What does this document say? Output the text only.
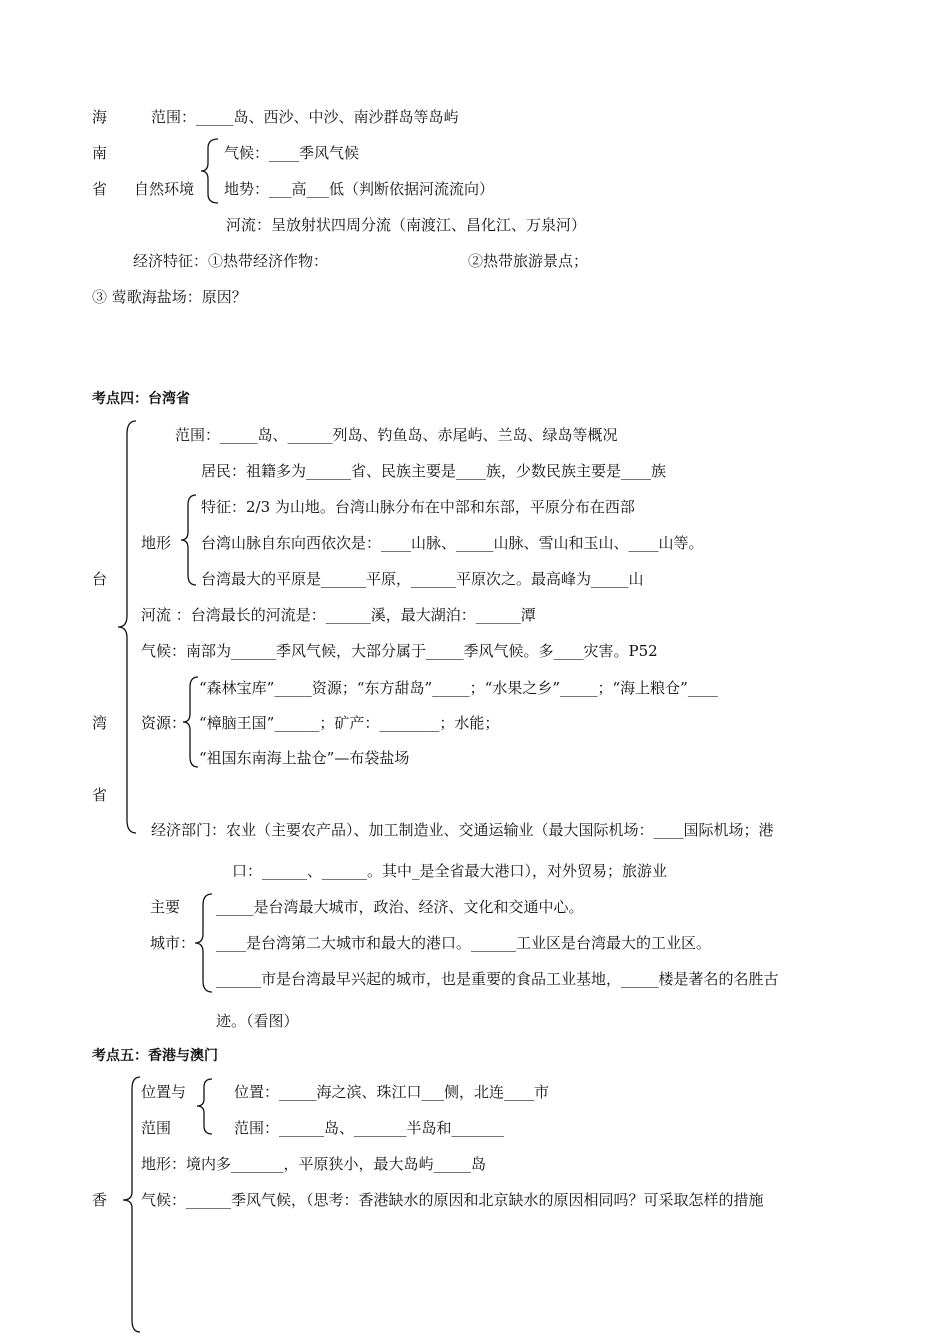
海
南
省
范围：_____岛、西沙、中沙、南沙群岛等岛屿
自然环境
气候：____季风气候
地势：___高___低（判断依据河流流向）
河流：呈放射状四周分流（南渡江、昌化江、万泉河）
经济特征：①热带经济作物：	②热带旅游景点；
③ 莺歌海盐场：原因？
考点四：台湾省
台
湾
省
范围：_____岛、______列岛、钓鱼岛、赤尾屿、兰岛、绿岛等概况
居民：祖籍多为______省、民族主要是____族，少数民族主要是____族
地形
特征：2/3 为山地。台湾山脉分布在中部和东部，平原分布在西部
台湾山脉自东向西依次是：____山脉、_____山脉、雪山和玉山、____山等。
台湾最大的平原是______平原，______平原次之。最高峰为_____山
河流 ：台湾最长的河流是：______溪，最大湖泊：______潭
气候：南部为______季风气候，大部分属于_____季风气候。多____灾害。P52
资源：
“森林宝库”_____资源；“东方甜岛”_____；“水果之乡”_____；“海上粮仓”____
“樟脑王国”______；矿产：________；水能；
“祖国东南海上盐仓”—布袋盐场
经济部门：农业（主要农产品）、加工制造业、交通运输业（最大国际机场：____国际机场；港
口：______、______。其中_是全省最大港口），对外贸易；旅游业
主要
城市：
_____是台湾最大城市，政治、经济、文化和交通中心。
____是台湾第二大城市和最大的港口。______工业区是台湾最大的工业区。
______市是台湾最早兴起的城市，也是重要的食品工业基地，_____楼是著名的名胜古
迹。（看图）
考点五：香港与澳门
香
位置与
范围
位置：_____海之滨、珠江口___侧，北连____市
范围：______岛、_______半岛和_______
地形：境内多_______，平原狭小，最大岛屿_____岛
气候：______季风气候，（思考：香港缺水的原因和北京缺水的原因相同吗？可采取怎样的措施
